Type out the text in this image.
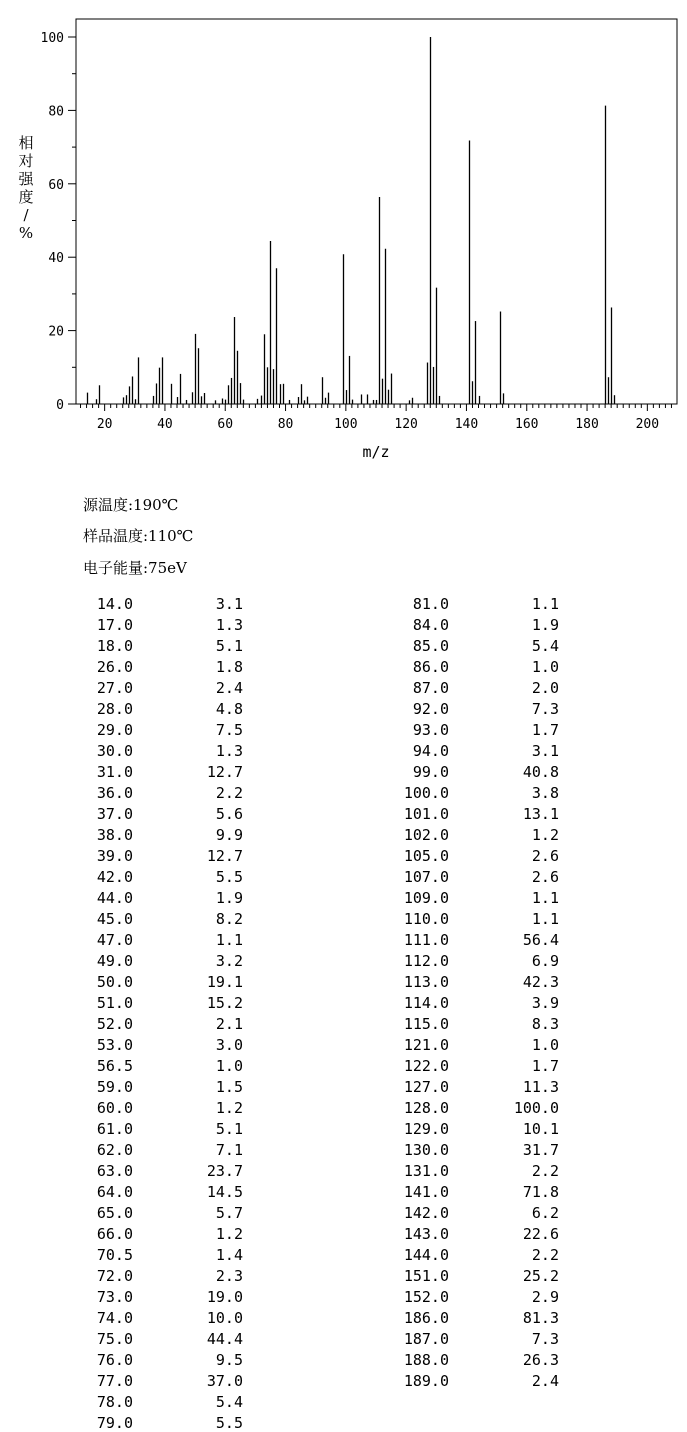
0
20
40
60
80
100
20	40	60	80	100	120	140	160	180	200
m/z
相对强度/ %
源温度:190℃
样品温度:110℃
电子能量:75eV
14.0	3.1
17.0	1.3
18.0	5.1
26.0	1.8
27.0	2.4
28.0	4.8
29.0	7.5
30.0	1.3
31.0	12.7
36.0	2.2
37.0	5.6
38.0	9.9
39.0	12.7
42.0	5.5
44.0	1.9
45.0	8.2
47.0	1.1
49.0	3.2
50.0	19.1
51.0	15.2
52.0	2.1
53.0	3.0
56.5	1.0
59.0	1.5
60.0	1.2
61.0	5.1
62.0	7.1
63.0	23.7
64.0	14.5
65.0	5.7
66.0	1.2
70.5	1.4
72.0	2.3
73.0	19.0
74.0	10.0
75.0	44.4
76.0	9.5
77.0	37.0
78.0	5.4
79.0	5.5
81.0	1.1
84.0	1.9
85.0	5.4
86.0	1.0
87.0	2.0
92.0	7.3
93.0	1.7
94.0	3.1
99.0	40.8
100.0	3.8
101.0	13.1
102.0	1.2
105.0	2.6
107.0	2.6
109.0	1.1
110.0	1.1
111.0	56.4
112.0	6.9
113.0	42.3
114.0	3.9
115.0	8.3
121.0	1.0
122.0	1.7
127.0	11.3
128.0	100.0
129.0	10.1
130.0	31.7
131.0	2.2
141.0	71.8
142.0	6.2
143.0	22.6
144.0	2.2
151.0	25.2
152.0	2.9
186.0	81.3
187.0	7.3
188.0	26.3
189.0	2.4
